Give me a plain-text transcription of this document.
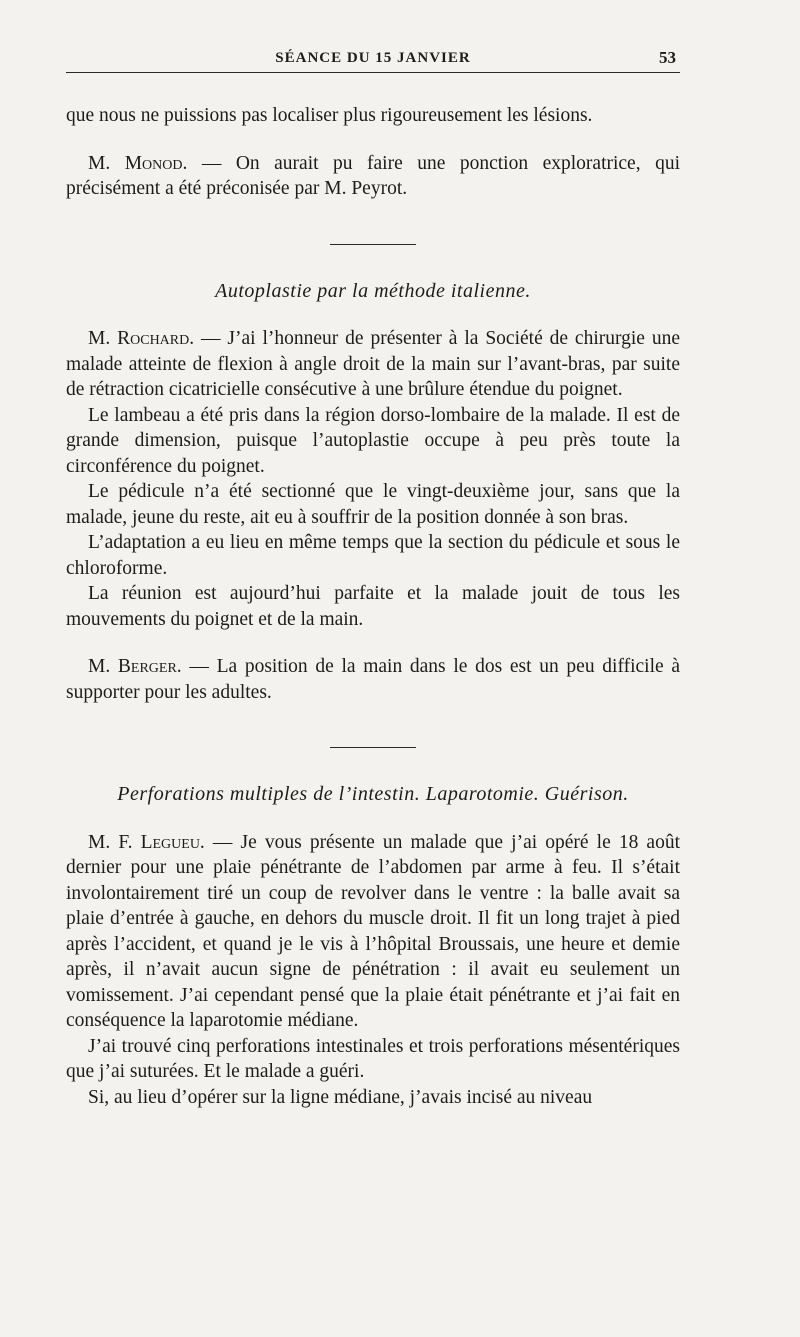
SÉANCE DU 15 JANVIER	53

que nous ne puissions pas localiser plus rigoureusement les lésions.

M. Monod. — On aurait pu faire une ponction exploratrice, qui précisément a été préconisée par M. Peyrot.

Autoplastie par la méthode italienne.

M. Rochard. — J’ai l’honneur de présenter à la Société de chirurgie une malade atteinte de flexion à angle droit de la main sur l’avant-bras, par suite de rétraction cicatricielle consécutive à une brûlure étendue du poignet.

Le lambeau a été pris dans la région dorso-lombaire de la malade. Il est de grande dimension, puisque l’autoplastie occupe à peu près toute la circonférence du poignet.

Le pédicule n’a été sectionné que le vingt-deuxième jour, sans que la malade, jeune du reste, ait eu à souffrir de la position donnée à son bras.

L’adaptation a eu lieu en même temps que la section du pédicule et sous le chloroforme.

La réunion est aujourd’hui parfaite et la malade jouit de tous les mouvements du poignet et de la main.

M. Berger. — La position de la main dans le dos est un peu difficile à supporter pour les adultes.

Perforations multiples de l’intestin. Laparotomie. Guérison.

M. F. Legueu. — Je vous présente un malade que j’ai opéré le 18 août dernier pour une plaie pénétrante de l’abdomen par arme à feu. Il s’était involontairement tiré un coup de revolver dans le ventre : la balle avait sa plaie d’entrée à gauche, en dehors du muscle droit. Il fit un long trajet à pied après l’accident, et quand je le vis à l’hôpital Broussais, une heure et demie après, il n’avait aucun signe de pénétration : il avait eu seulement un vomissement. J’ai cependant pensé que la plaie était pénétrante et j’ai fait en conséquence la laparotomie médiane.

J’ai trouvé cinq perforations intestinales et trois perforations mésentériques que j’ai suturées. Et le malade a guéri.

Si, au lieu d’opérer sur la ligne médiane, j’avais incisé au niveau
